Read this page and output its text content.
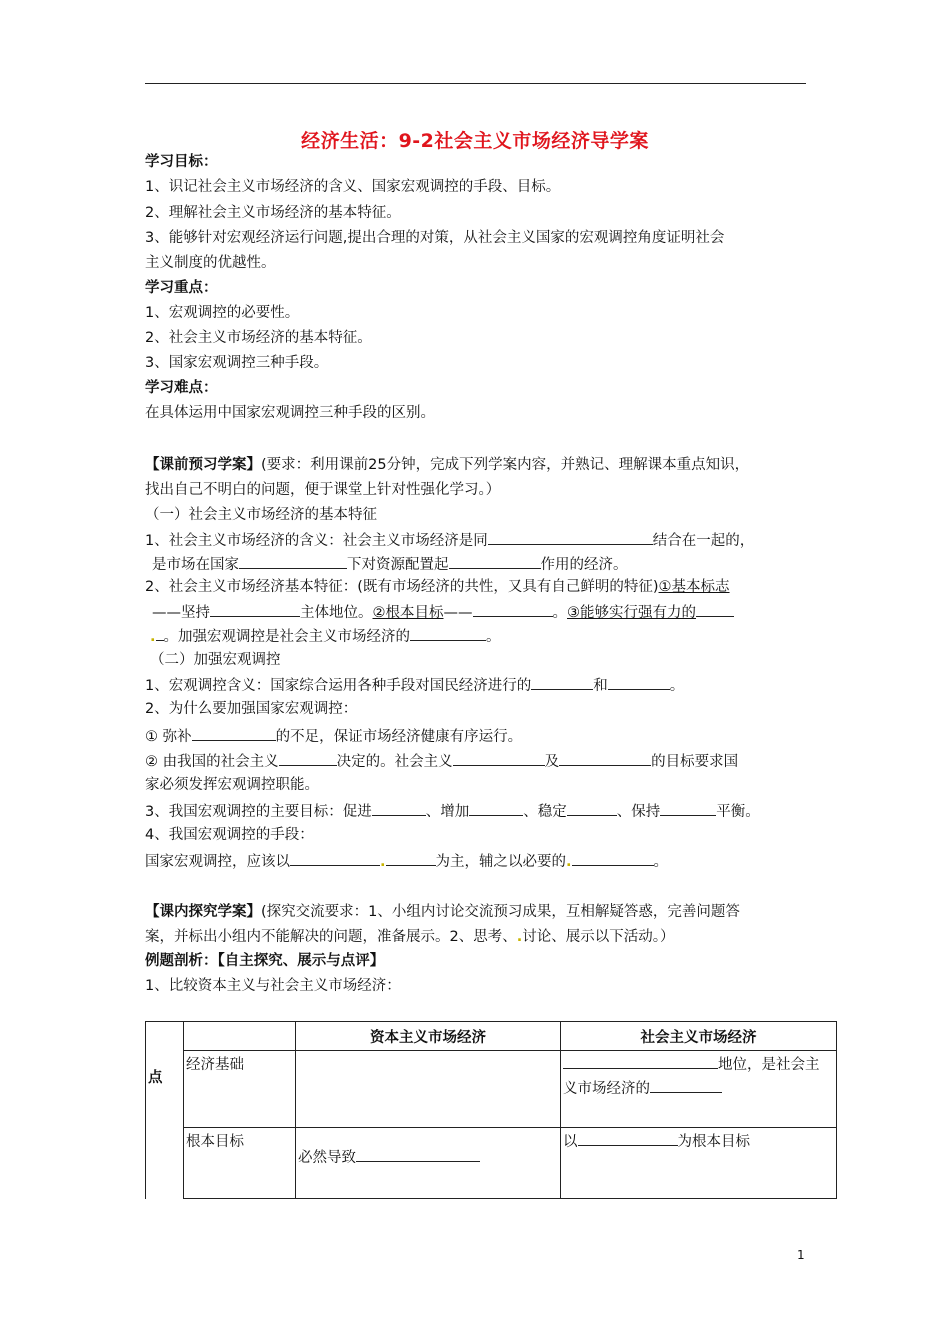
经济生活：9-2社会主义市场经济导学案
学习目标：
1、识记社会主义市场经济的含义、国家宏观调控的手段、目标。
2、理解社会主义市场经济的基本特征。
3、能够针对宏观经济运行问题,提出合理的对策，从社会主义国家的宏观调控角度证明社会
主义制度的优越性。
学习重点：
1、宏观调控的必要性。
2、社会主义市场经济的基本特征。
3、国家宏观调控三种手段。
学习难点：
在具体运用中国家宏观调控三种手段的区别。
【课前预习学案】(要求：利用课前25分钟，完成下列学案内容，并熟记、理解课本重点知识，
找出自己不明白的问题，便于课堂上针对性强化学习。）
（一）社会主义市场经济的基本特征
1、社会主义市场经济的含义：社会主义市场经济是同	结合在一起的，
是市场在国家	下对资源配置起	作用的经济。
2、社会主义市场经济基本特征：(既有市场经济的共性，又具有自己鲜明的特征)①基本标志
——坚持	主体地位。②根本目标——	。③能够实行强有力的
. 。加强宏观调控是社会主义市场经济的	。
（二）加强宏观调控
1、宏观调控含义：国家综合运用各种手段对国民经济进行的	和	。
2、为什么要加强国家宏观调控：
① 弥补	的不足，保证市场经济健康有序运行。
② 由我国的社会主义	决定的。社会主义	及	的目标要求国
家必须发挥宏观调控职能。
3、我国宏观调控的主要目标：促进	、增加	、稳定	、保持	平衡。
4、我国宏观调控的手段：
国家宏观调控，应该以	.	为主，辅之以必要的.	。
【课内探究学案】(探究交流要求：1、小组内讨论交流预习成果，互相解疑答惑，完善问题答
案，并标出小组内不能解决的问题，准备展示。2、思考、.讨论、展示以下活动。）
例题剖析：【自主探究、展示与点评】
1、比较资本主义与社会主义市场经济：
点		资本主义市场经济	社会主义市场经济
	经济基础		地位，是社会主
义市场经济的

	根本目标	必然导致	以 为根本目标
1
